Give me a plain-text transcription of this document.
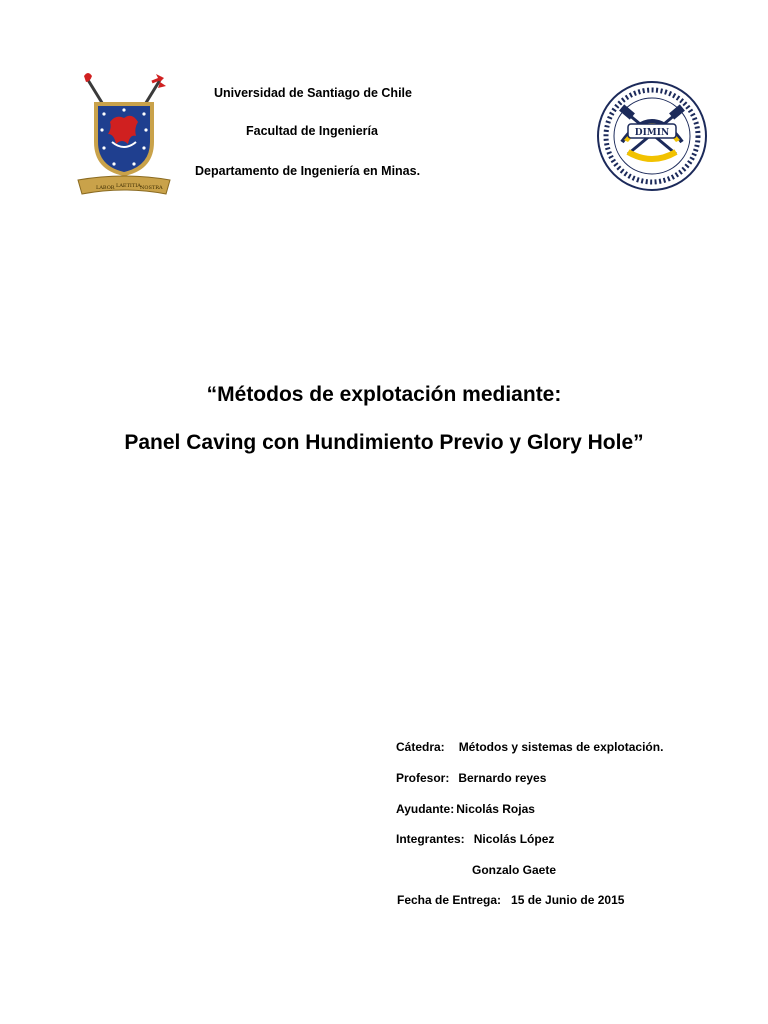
LABOR LAETITIA NOSTRA
Universidad de Santiago de Chile
Facultad de Ingeniería
Departamento de Ingeniería en Minas.
DIMIN
“Métodos de explotación mediante:
Panel Caving con Hundimiento Previo y Glory Hole”
Cátedra: Métodos y sistemas de explotación.
Profesor: Bernardo reyes
Ayudante: Nicolás Rojas
Integrantes: Nicolás López
Gonzalo Gaete
Fecha de Entrega: 15 de Junio de 2015
